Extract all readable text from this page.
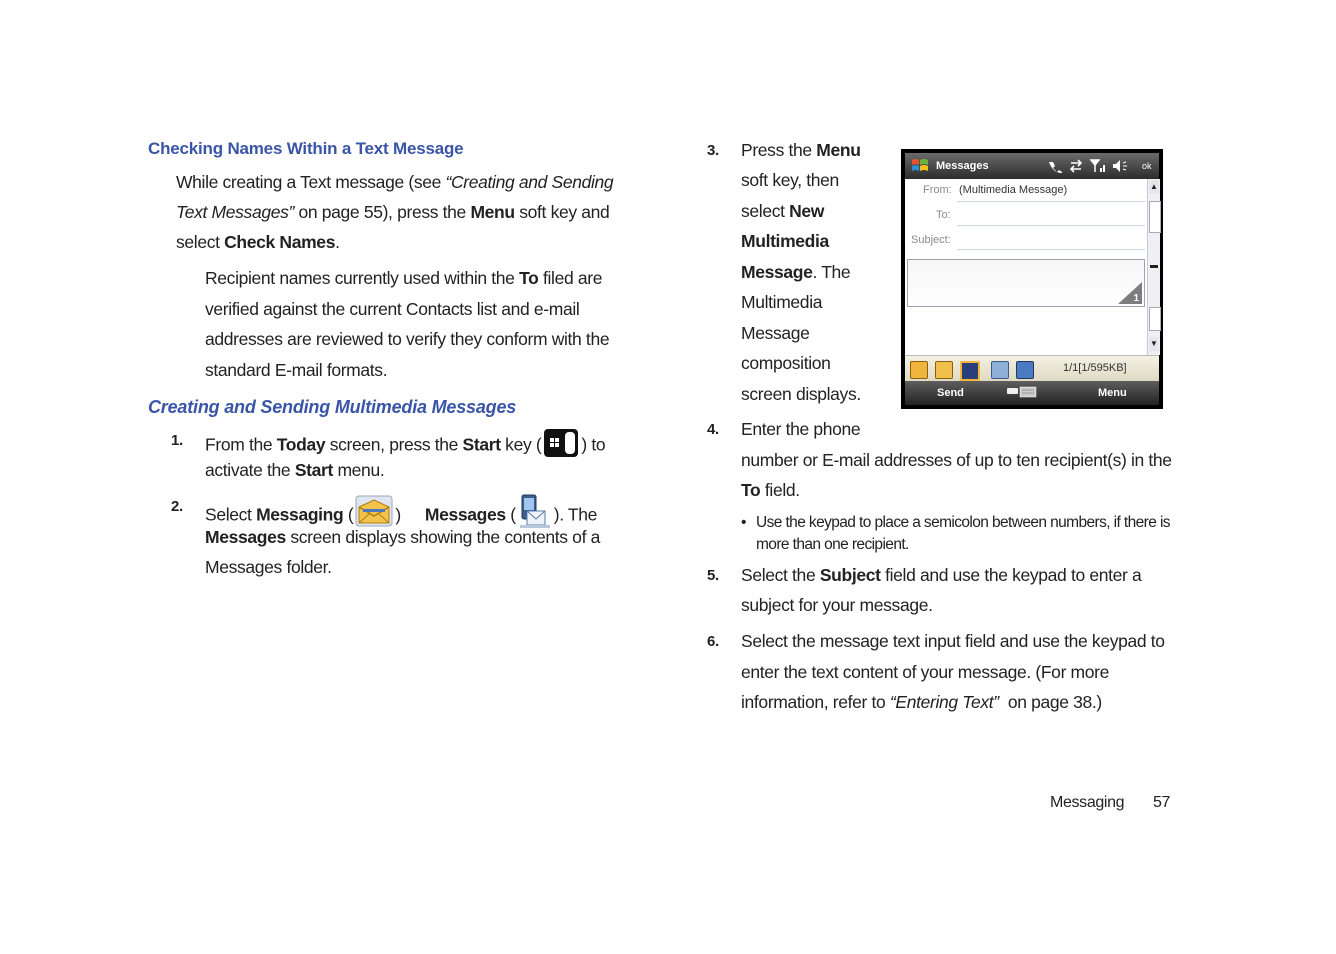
Checking Names Within a Text Message
While creating a Text message (see “Creating and Sending
Text Messages” on page 55), press the Menu soft key and
select Check Names.
Recipient names currently used within the To filed are
verified against the current Contacts list and e-mail
addresses are reviewed to verify they conform with the
standard E-mail formats.
Creating and Sending Multimedia Messages
1. From the Today screen, press the Start key ( ) to
activate the Start menu.
2. Select Messaging ( ) Messages ( ). The
Messages screen displays showing the contents of a
Messages folder.
3. Press the Menu
soft key, then
select New
Multimedia
Message. The
Multimedia
Message
composition
screen displays.
Messages	ok
From: (Multimedia Message)
To:
Subject:
1
▲
▼
1/1[1/595KB]
Send	Menu
4. Enter the phone
number or E-mail addresses of up to ten recipient(s) in the
To field.
• Use the keypad to place a semicolon between numbers, if there is
more than one recipient.
5. Select the Subject field and use the keypad to enter a
subject for your message.
6. Select the message text input field and use the keypad to
enter the text content of your message. (For more
information, refer to “Entering Text”  on page 38.)
Messaging 57
